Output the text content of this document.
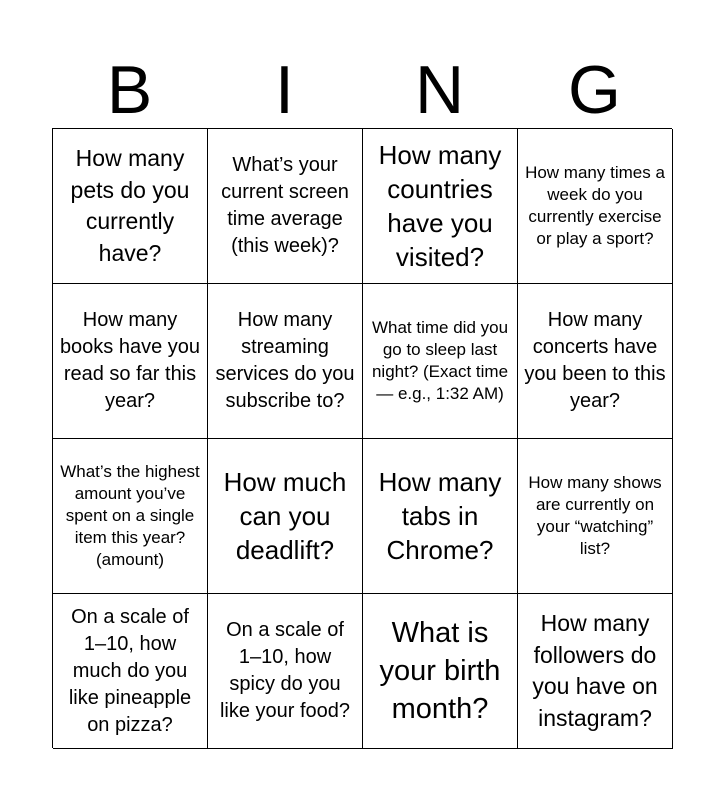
B	I	N	G
How many pets do you currently have?
What’s your current screen time average (this week)?
How many countries have you visited?
How many times a week do you currently exercise or play a sport?
How many books have you read so far this year?
How many streaming services do you subscribe to?
What time did you go to sleep last night? (Exact time — e.g., 1:32 AM)
How many concerts have you been to this year?
What’s the highest amount you’ve spent on a single item this year? (amount)
How much can you deadlift?
How many tabs in Chrome?
How many shows are currently on your “watching” list?
On a scale of 1–10, how much do you like pineapple on pizza?
On a scale of 1–10, how spicy do you like your food?
What is your birth month?
How many followers do you have on instagram?
